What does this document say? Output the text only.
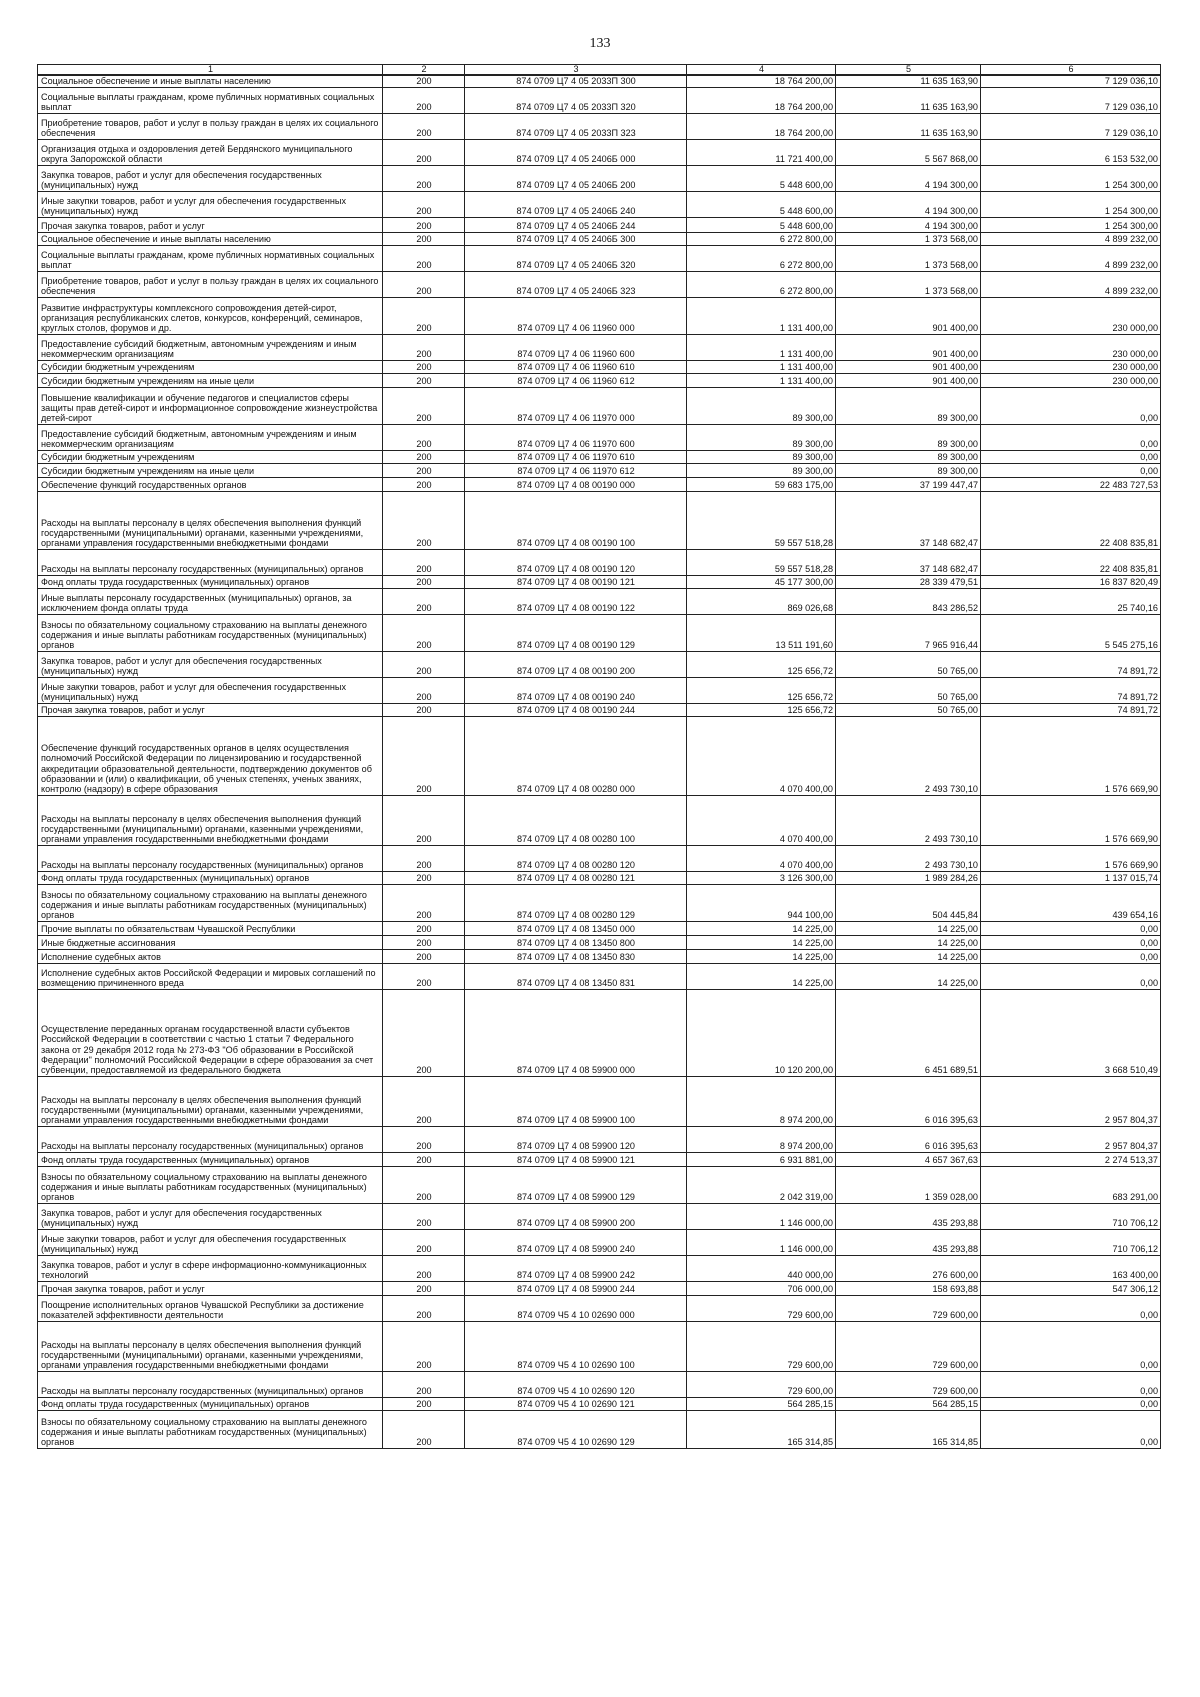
133
1	2	3	4	5	6
Социальное обеспечение и иные выплаты населению	200	874 0709 Ц7 4 05 2033П 300	18 764 200,00	11 635 163,90	7 129 036,10
Социальные выплаты гражданам, кроме публичных нормативных социальных выплат	200	874 0709 Ц7 4 05 2033П 320	18 764 200,00	11 635 163,90	7 129 036,10
Приобретение товаров, работ и услуг в пользу граждан в целях их социального обеспечения	200	874 0709 Ц7 4 05 2033П 323	18 764 200,00	11 635 163,90	7 129 036,10
Организация отдыха и оздоровления детей Бердянского муниципального округа Запорожской области	200	874 0709 Ц7 4 05 2406Б 000	11 721 400,00	5 567 868,00	6 153 532,00
Закупка товаров, работ и услуг для обеспечения государственных (муниципальных) нужд	200	874 0709 Ц7 4 05 2406Б 200	5 448 600,00	4 194 300,00	1 254 300,00
Иные закупки товаров, работ и услуг для обеспечения государственных (муниципальных) нужд	200	874 0709 Ц7 4 05 2406Б 240	5 448 600,00	4 194 300,00	1 254 300,00
Прочая закупка товаров, работ и услуг	200	874 0709 Ц7 4 05 2406Б 244	5 448 600,00	4 194 300,00	1 254 300,00
Социальное обеспечение и иные выплаты населению	200	874 0709 Ц7 4 05 2406Б 300	6 272 800,00	1 373 568,00	4 899 232,00
Социальные выплаты гражданам, кроме публичных нормативных социальных выплат	200	874 0709 Ц7 4 05 2406Б 320	6 272 800,00	1 373 568,00	4 899 232,00
Приобретение товаров, работ и услуг в пользу граждан в целях их социального обеспечения	200	874 0709 Ц7 4 05 2406Б 323	6 272 800,00	1 373 568,00	4 899 232,00
Развитие инфраструктуры комплексного сопровождения детей-сирот, организация республиканских слетов, конкурсов, конференций, семинаров, круглых столов, форумов и др.	200	874 0709 Ц7 4 06 11960 000	1 131 400,00	901 400,00	230 000,00
Предоставление субсидий бюджетным, автономным учреждениям и иным некоммерческим организациям	200	874 0709 Ц7 4 06 11960 600	1 131 400,00	901 400,00	230 000,00
Субсидии бюджетным учреждениям	200	874 0709 Ц7 4 06 11960 610	1 131 400,00	901 400,00	230 000,00
Субсидии бюджетным учреждениям на иные цели	200	874 0709 Ц7 4 06 11960 612	1 131 400,00	901 400,00	230 000,00
Повышение квалификации и обучение педагогов и специалистов сферы защиты прав детей-сирот и информационное сопровождение жизнеустройства детей-сирот	200	874 0709 Ц7 4 06 11970 000	89 300,00	89 300,00	0,00
Предоставление субсидий бюджетным, автономным учреждениям и иным некоммерческим организациям	200	874 0709 Ц7 4 06 11970 600	89 300,00	89 300,00	0,00
Субсидии бюджетным учреждениям	200	874 0709 Ц7 4 06 11970 610	89 300,00	89 300,00	0,00
Субсидии бюджетным учреждениям на иные цели	200	874 0709 Ц7 4 06 11970 612	89 300,00	89 300,00	0,00
Обеспечение функций государственных органов	200	874 0709 Ц7 4 08 00190 000	59 683 175,00	37 199 447,47	22 483 727,53
Расходы на выплаты персоналу в целях обеспечения выполнения функций государственными (муниципальными) органами, казенными учреждениями, органами управления государственными внебюджетными фондами	200	874 0709 Ц7 4 08 00190 100	59 557 518,28	37 148 682,47	22 408 835,81
Расходы на выплаты персоналу государственных (муниципальных) органов	200	874 0709 Ц7 4 08 00190 120	59 557 518,28	37 148 682,47	22 408 835,81
Фонд оплаты труда государственных (муниципальных) органов	200	874 0709 Ц7 4 08 00190 121	45 177 300,00	28 339 479,51	16 837 820,49
Иные выплаты персоналу государственных (муниципальных) органов, за исключением фонда оплаты труда	200	874 0709 Ц7 4 08 00190 122	869 026,68	843 286,52	25 740,16
Взносы по обязательному социальному страхованию на выплаты денежного содержания и иные выплаты работникам государственных (муниципальных) органов	200	874 0709 Ц7 4 08 00190 129	13 511 191,60	7 965 916,44	5 545 275,16
Закупка товаров, работ и услуг для обеспечения государственных (муниципальных) нужд	200	874 0709 Ц7 4 08 00190 200	125 656,72	50 765,00	74 891,72
Иные закупки товаров, работ и услуг для обеспечения государственных (муниципальных) нужд	200	874 0709 Ц7 4 08 00190 240	125 656,72	50 765,00	74 891,72
Прочая закупка товаров, работ и услуг	200	874 0709 Ц7 4 08 00190 244	125 656,72	50 765,00	74 891,72
Обеспечение функций государственных органов в целях осуществления полномочий Российской Федерации по лицензированию и государственной аккредитации образовательной деятельности, подтверждению документов об образовании и (или) о квалификации, об ученых степенях, ученых званиях, контролю (надзору) в сфере образования	200	874 0709 Ц7 4 08 00280 000	4 070 400,00	2 493 730,10	1 576 669,90
Расходы на выплаты персоналу в целях обеспечения выполнения функций государственными (муниципальными) органами, казенными учреждениями, органами управления государственными внебюджетными фондами	200	874 0709 Ц7 4 08 00280 100	4 070 400,00	2 493 730,10	1 576 669,90
Расходы на выплаты персоналу государственных (муниципальных) органов	200	874 0709 Ц7 4 08 00280 120	4 070 400,00	2 493 730,10	1 576 669,90
Фонд оплаты труда государственных (муниципальных) органов	200	874 0709 Ц7 4 08 00280 121	3 126 300,00	1 989 284,26	1 137 015,74
Взносы по обязательному социальному страхованию на выплаты денежного содержания и иные выплаты работникам государственных (муниципальных) органов	200	874 0709 Ц7 4 08 00280 129	944 100,00	504 445,84	439 654,16
Прочие выплаты по обязательствам Чувашской Республики	200	874 0709 Ц7 4 08 13450 000	14 225,00	14 225,00	0,00
Иные бюджетные ассигнования	200	874 0709 Ц7 4 08 13450 800	14 225,00	14 225,00	0,00
Исполнение судебных актов	200	874 0709 Ц7 4 08 13450 830	14 225,00	14 225,00	0,00
Исполнение судебных актов Российской Федерации и мировых соглашений по возмещению причиненного вреда	200	874 0709 Ц7 4 08 13450 831	14 225,00	14 225,00	0,00
Осуществление переданных органам государственной власти субъектов Российской Федерации в соответствии с частью 1 статьи 7 Федерального закона от 29 декабря 2012 года № 273-ФЗ "Об образовании в Российской Федерации" полномочий Российской Федерации в сфере образования за счет субвенции, предоставляемой из федерального бюджета	200	874 0709 Ц7 4 08 59900 000	10 120 200,00	6 451 689,51	3 668 510,49
Расходы на выплаты персоналу в целях обеспечения выполнения функций государственными (муниципальными) органами, казенными учреждениями, органами управления государственными внебюджетными фондами	200	874 0709 Ц7 4 08 59900 100	8 974 200,00	6 016 395,63	2 957 804,37
Расходы на выплаты персоналу государственных (муниципальных) органов	200	874 0709 Ц7 4 08 59900 120	8 974 200,00	6 016 395,63	2 957 804,37
Фонд оплаты труда государственных (муниципальных) органов	200	874 0709 Ц7 4 08 59900 121	6 931 881,00	4 657 367,63	2 274 513,37
Взносы по обязательному социальному страхованию на выплаты денежного содержания и иные выплаты работникам государственных (муниципальных) органов	200	874 0709 Ц7 4 08 59900 129	2 042 319,00	1 359 028,00	683 291,00
Закупка товаров, работ и услуг для обеспечения государственных (муниципальных) нужд	200	874 0709 Ц7 4 08 59900 200	1 146 000,00	435 293,88	710 706,12
Иные закупки товаров, работ и услуг для обеспечения государственных (муниципальных) нужд	200	874 0709 Ц7 4 08 59900 240	1 146 000,00	435 293,88	710 706,12
Закупка товаров, работ и услуг в сфере информационно-коммуникационных технологий	200	874 0709 Ц7 4 08 59900 242	440 000,00	276 600,00	163 400,00
Прочая закупка товаров, работ и услуг	200	874 0709 Ц7 4 08 59900 244	706 000,00	158 693,88	547 306,12
Поощрение исполнительных органов Чувашской Республики за достижение показателей эффективности деятельности	200	874 0709 Ч5 4 10 02690 000	729 600,00	729 600,00	0,00
Расходы на выплаты персоналу в целях обеспечения выполнения функций государственными (муниципальными) органами, казенными учреждениями, органами управления государственными внебюджетными фондами	200	874 0709 Ч5 4 10 02690 100	729 600,00	729 600,00	0,00
Расходы на выплаты персоналу государственных (муниципальных) органов	200	874 0709 Ч5 4 10 02690 120	729 600,00	729 600,00	0,00
Фонд оплаты труда государственных (муниципальных) органов	200	874 0709 Ч5 4 10 02690 121	564 285,15	564 285,15	0,00
Взносы по обязательному социальному страхованию на выплаты денежного содержания и иные выплаты работникам государственных (муниципальных) органов	200	874 0709 Ч5 4 10 02690 129	165 314,85	165 314,85	0,00
